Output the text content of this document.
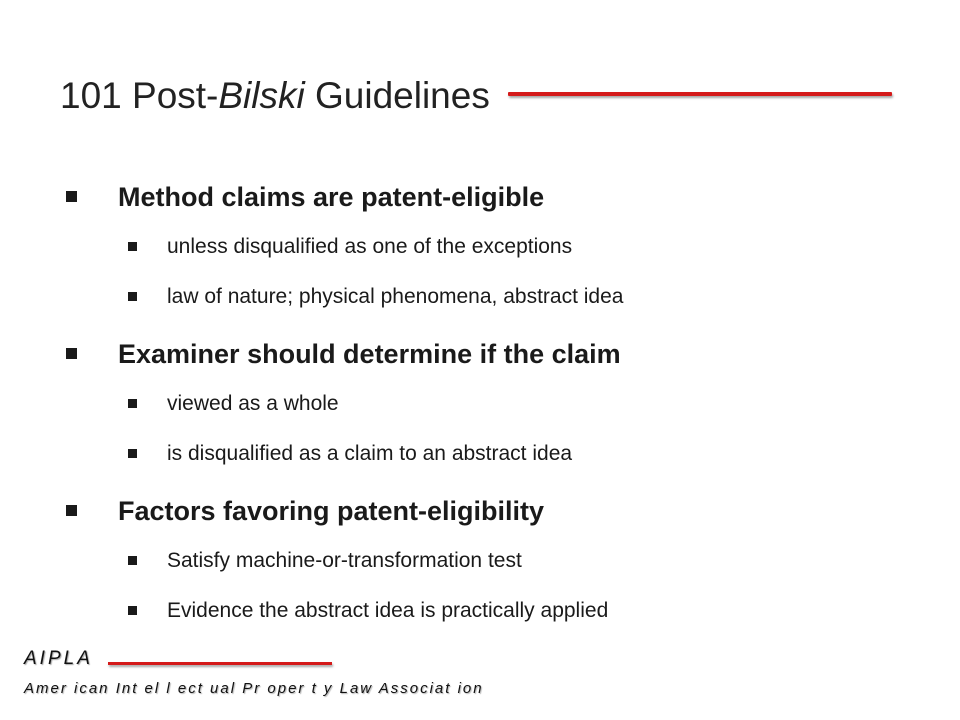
101 Post-Bilski Guidelines
Method claims are patent-eligible
unless disqualified as one of the exceptions
law of nature; physical phenomena, abstract idea
Examiner should determine if the claim
viewed as a whole
is disqualified as a claim to an abstract idea
Factors favoring patent-eligibility
Satisfy machine-or-transformation test
Evidence the abstract idea is practically applied
AIPLA
Amer ican Int el l ect ual Pr oper t y Law Associat ion
